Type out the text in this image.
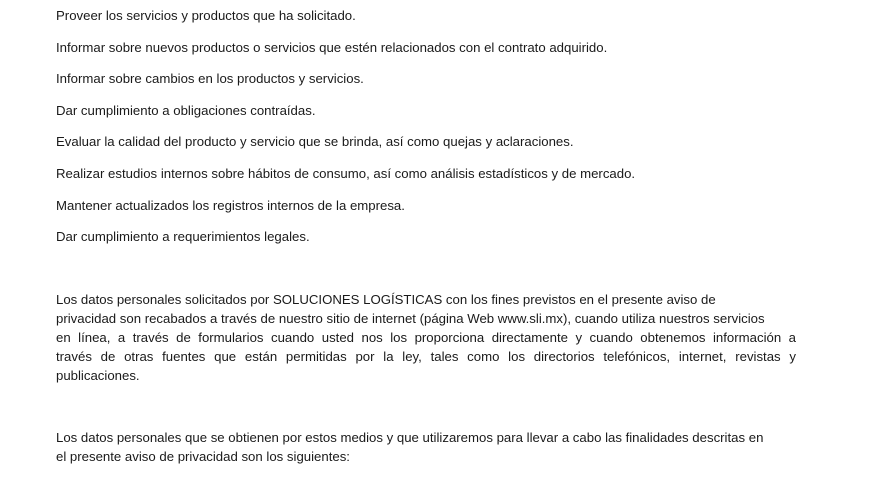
Proveer los servicios y productos que ha solicitado.
Informar sobre nuevos productos o servicios que estén relacionados con el contrato adquirido.
Informar sobre cambios en los productos y servicios.
Dar cumplimiento a obligaciones contraídas.
Evaluar la calidad del producto y servicio que se brinda, así como quejas y aclaraciones.
Realizar estudios internos sobre hábitos de consumo, así como análisis estadísticos y de mercado.
Mantener actualizados los registros internos de la empresa.
Dar cumplimiento a requerimientos legales.

Los datos personales solicitados por SOLUCIONES LOGÍSTICAS con los fines previstos en el presente aviso de
privacidad son recabados a través de nuestro sitio de internet (página Web www.sli.mx), cuando utiliza nuestros servicios
en línea, a través de formularios cuando usted nos los proporciona directamente y cuando obtenemos información a
través de otras fuentes que están permitidas por la ley, tales como los directorios telefónicos, internet, revistas y
publicaciones.

Los datos personales que se obtienen por estos medios y que utilizaremos para llevar a cabo las finalidades descritas en
el presente aviso de privacidad son los siguientes:
